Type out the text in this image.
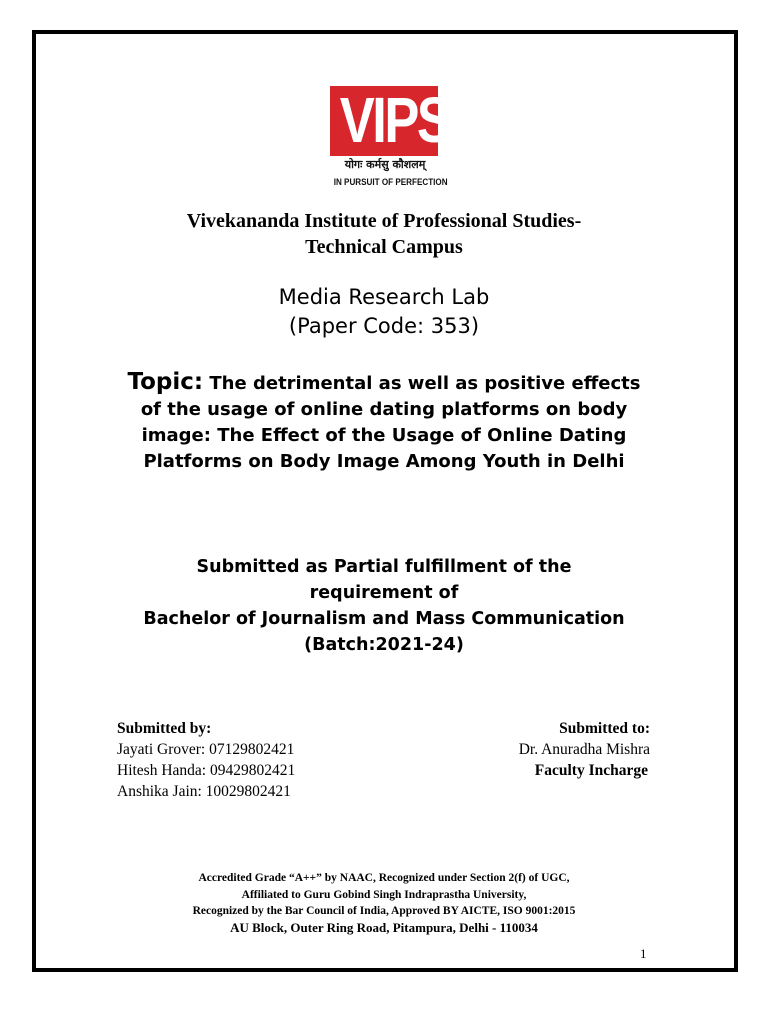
VIPS
योगः कर्मसु कौशलम्
IN PURSUIT OF PERFECTION
Vivekananda Institute of Professional Studies-
Technical Campus
Media Research Lab
(Paper Code: 353)
Topic: The detrimental as well as positive effects
of the usage of online dating platforms on body
image: The Effect of the Usage of Online Dating
Platforms on Body Image Among Youth in Delhi
Submitted as Partial fulfillment of the
requirement of
Bachelor of Journalism and Mass Communication
(Batch:2021-24)
Submitted by:
Jayati Grover: 07129802421
Hitesh Handa: 09429802421
Anshika Jain: 10029802421
Submitted to:
Dr. Anuradha Mishra
Faculty Incharge
Accredited Grade “A++” by NAAC, Recognized under Section 2(f) of UGC,
Affiliated to Guru Gobind Singh Indraprastha University,
Recognized by the Bar Council of India, Approved BY AICTE, ISO 9001:2015
AU Block, Outer Ring Road, Pitampura, Delhi - 110034
1
